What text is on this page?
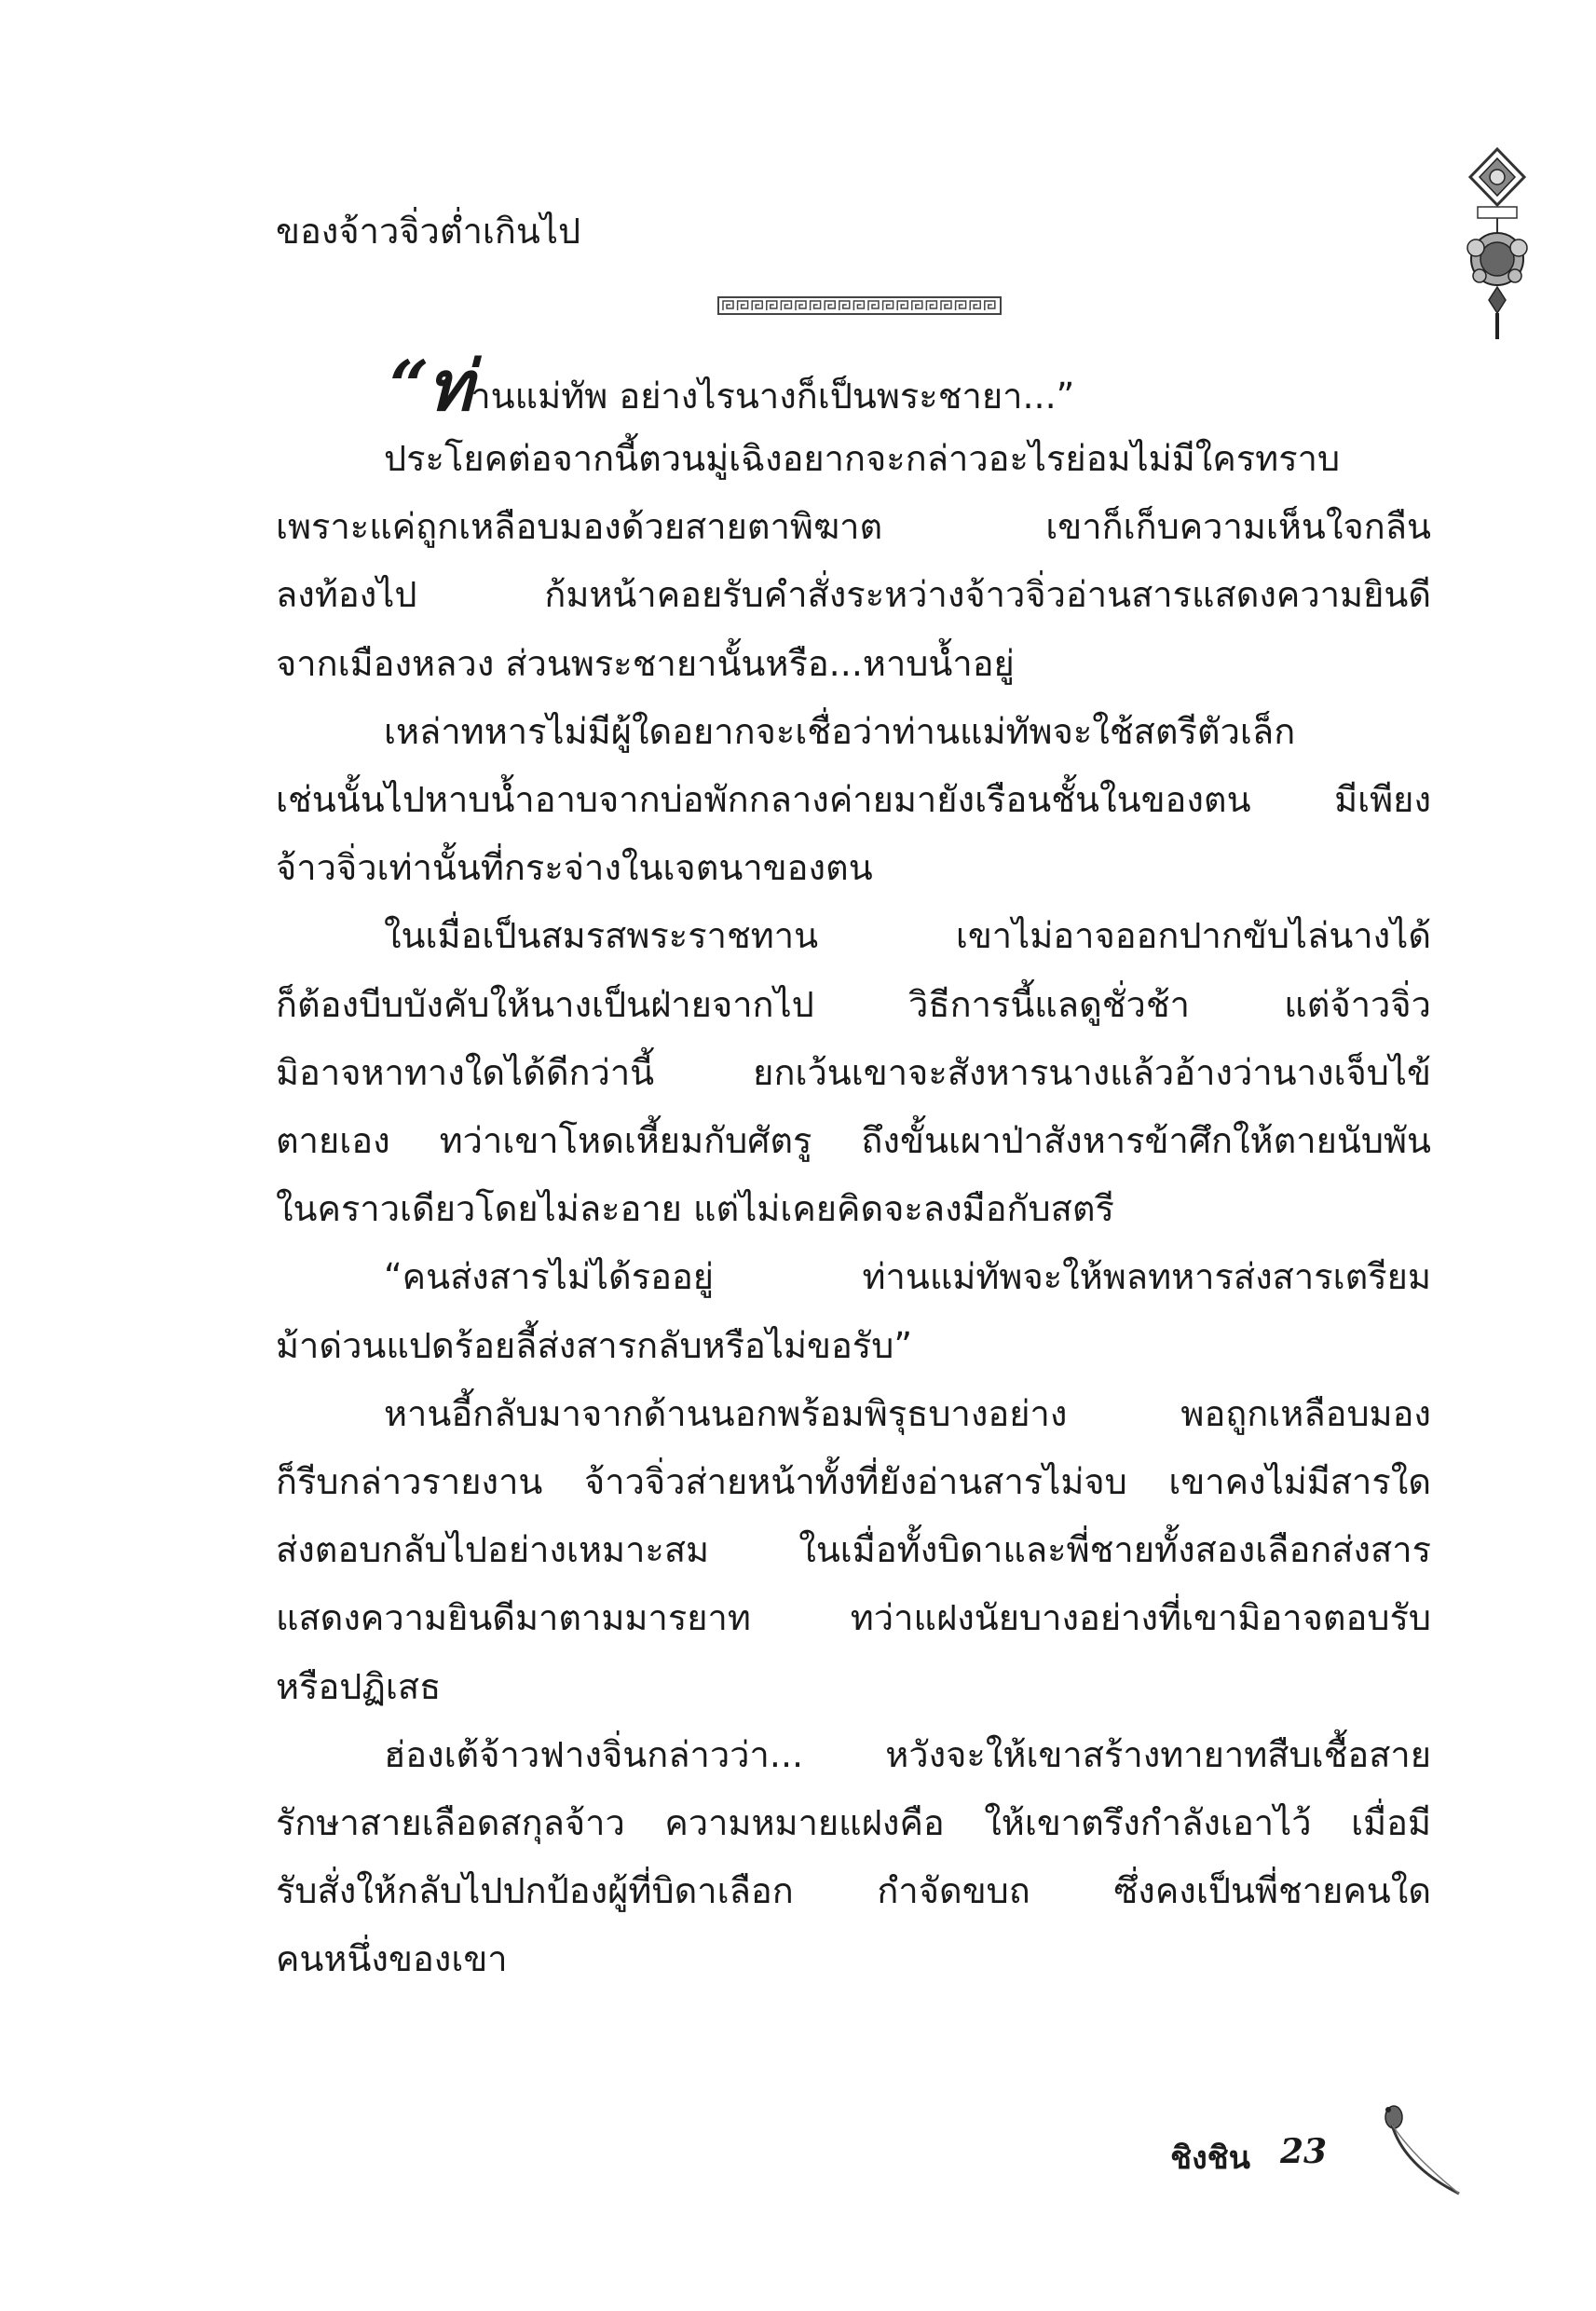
ของจ้าวจิ่วต่ำเกินไป
“ท่านแม่ทัพ อย่างไรนางก็เป็นพระชายา...”
ประโยคต่อจากนี้ตวนมู่เฉิงอยากจะกล่าวอะไรย่อมไม่มีใครทราบ
เพราะแค่ถูกเหลือบมองด้วยสายตาพิฆาต เขาก็เก็บความเห็นใจกลืน
ลงท้องไป ก้มหน้าคอยรับคำสั่งระหว่างจ้าวจิ่วอ่านสารแสดงความยินดี
จากเมืองหลวง ส่วนพระชายานั้นหรือ...หาบน้ำอยู่
เหล่าทหารไม่มีผู้ใดอยากจะเชื่อว่าท่านแม่ทัพจะใช้สตรีตัวเล็ก
เช่นนั้นไปหาบน้ำอาบจากบ่อพักกลางค่ายมายังเรือนชั้นในของตน มีเพียง
จ้าวจิ่วเท่านั้นที่กระจ่างในเจตนาของตน
ในเมื่อเป็นสมรสพระราชทาน เขาไม่อาจออกปากขับไล่นางได้
ก็ต้องบีบบังคับให้นางเป็นฝ่ายจากไป วิธีการนี้แลดูชั่วช้า แต่จ้าวจิ่ว
มิอาจหาทางใดได้ดีกว่านี้ ยกเว้นเขาจะสังหารนางแล้วอ้างว่านางเจ็บไข้
ตายเอง ทว่าเขาโหดเหี้ยมกับศัตรู ถึงขั้นเผาป่าสังหารข้าศึกให้ตายนับพัน
ในคราวเดียวโดยไม่ละอาย แต่ไม่เคยคิดจะลงมือกับสตรี
“คนส่งสารไม่ได้รออยู่ ท่านแม่ทัพจะให้พลทหารส่งสารเตรียม
ม้าด่วนแปดร้อยลี้ส่งสารกลับหรือไม่ขอรับ”
หานอี้กลับมาจากด้านนอกพร้อมพิรุธบางอย่าง พอถูกเหลือบมอง
ก็รีบกล่าวรายงาน จ้าวจิ่วส่ายหน้าทั้งที่ยังอ่านสารไม่จบ เขาคงไม่มีสารใด
ส่งตอบกลับไปอย่างเหมาะสม ในเมื่อทั้งบิดาและพี่ชายทั้งสองเลือกส่งสาร
แสดงความยินดีมาตามมารยาท ทว่าแฝงนัยบางอย่างที่เขามิอาจตอบรับ
หรือปฏิเสธ
ฮ่องเต้จ้าวฟางจิ่นกล่าวว่า... หวังจะให้เขาสร้างทายาทสืบเชื้อสาย
รักษาสายเลือดสกุลจ้าว ความหมายแฝงคือ ให้เขาตรึงกำลังเอาไว้ เมื่อมี
รับสั่งให้กลับไปปกป้องผู้ที่บิดาเลือก กำจัดขบถ ซึ่งคงเป็นพี่ชายคนใด
คนหนึ่งของเขา
ชิงชิน 23
